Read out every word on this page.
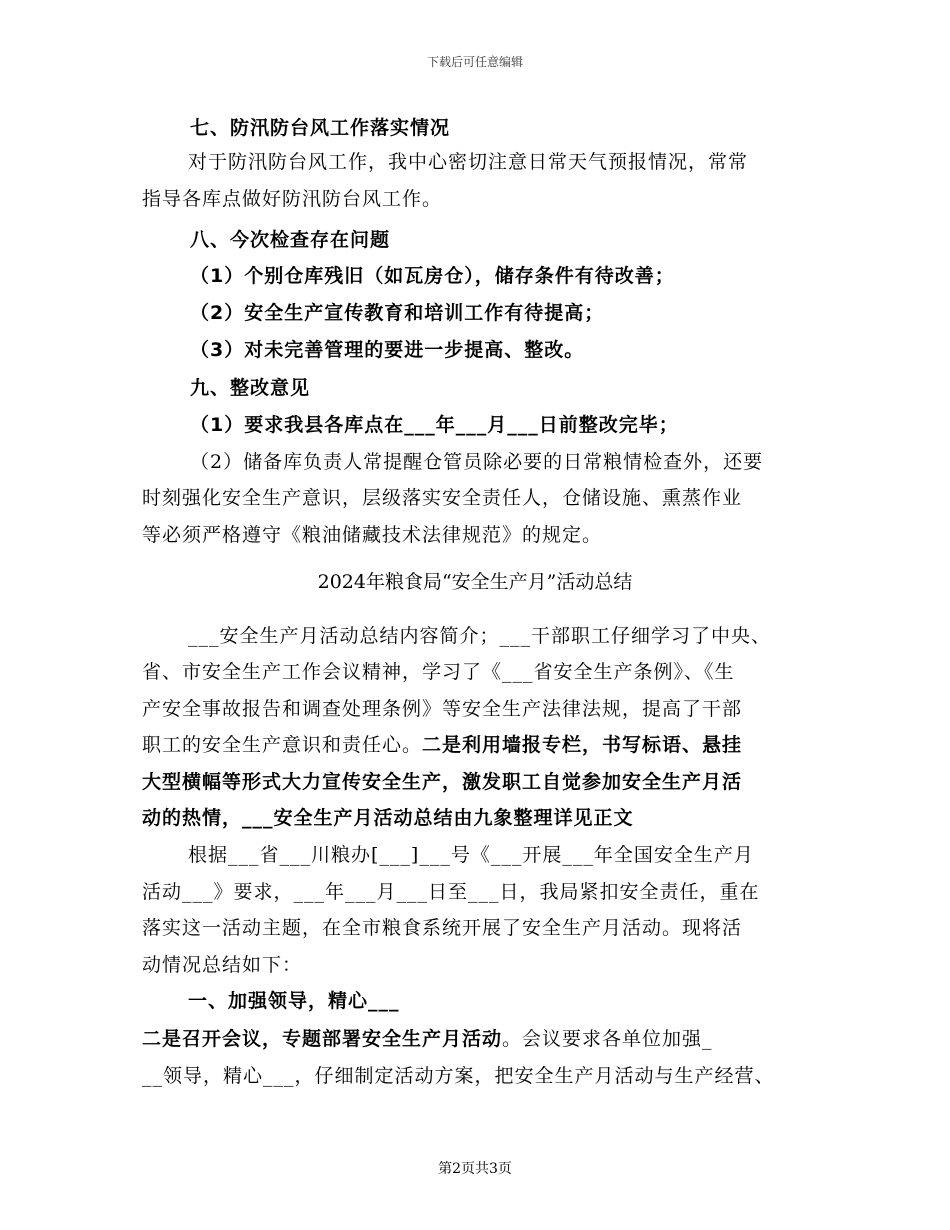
下载后可任意编辑
七、防汛防台风工作落实情况
对于防汛防台风工作，我中心密切注意日常天气预报情况，常常
指导各库点做好防汛防台风工作。
八、今次检查存在问题
（1）个别仓库残旧（如瓦房仓），储存条件有待改善；
（2）安全生产宣传教育和培训工作有待提高；
（3）对未完善管理的要进一步提高、整改。
九、整改意见
（1）要求我县各库点在___年___月___日前整改完毕；
（2）储备库负责人常提醒仓管员除必要的日常粮情检查外，还要
时刻强化安全生产意识，层级落实安全责任人，仓储设施、熏蒸作业
等必须严格遵守《粮油储藏技术法律规范》的规定。
2024年粮食局“安全生产月”活动总结
___安全生产月活动总结内容简介；___干部职工仔细学习了中央、
省、市安全生产工作会议精神，学习了《___省安全生产条例》、《生
产安全事故报告和调查处理条例》等安全生产法律法规，提高了干部
职工的安全生产意识和责任心。二是利用墙报专栏，书写标语、悬挂
大型横幅等形式大力宣传安全生产，激发职工自觉参加安全生产月活
动的热情，___安全生产月活动总结由九象整理详见正文
根据___省___川粮办[___]___号《___开展___年全国安全生产月
活动___》要求，___年___月___日至___日，我局紧扣安全责任，重在
落实这一活动主题，在全市粮食系统开展了安全生产月活动。现将活
动情况总结如下：
一、加强领导，精心___
二是召开会议，专题部署安全生产月活动。会议要求各单位加强_
__领导，精心___，仔细制定活动方案，把安全生产月活动与生产经营、
第2页共3页
